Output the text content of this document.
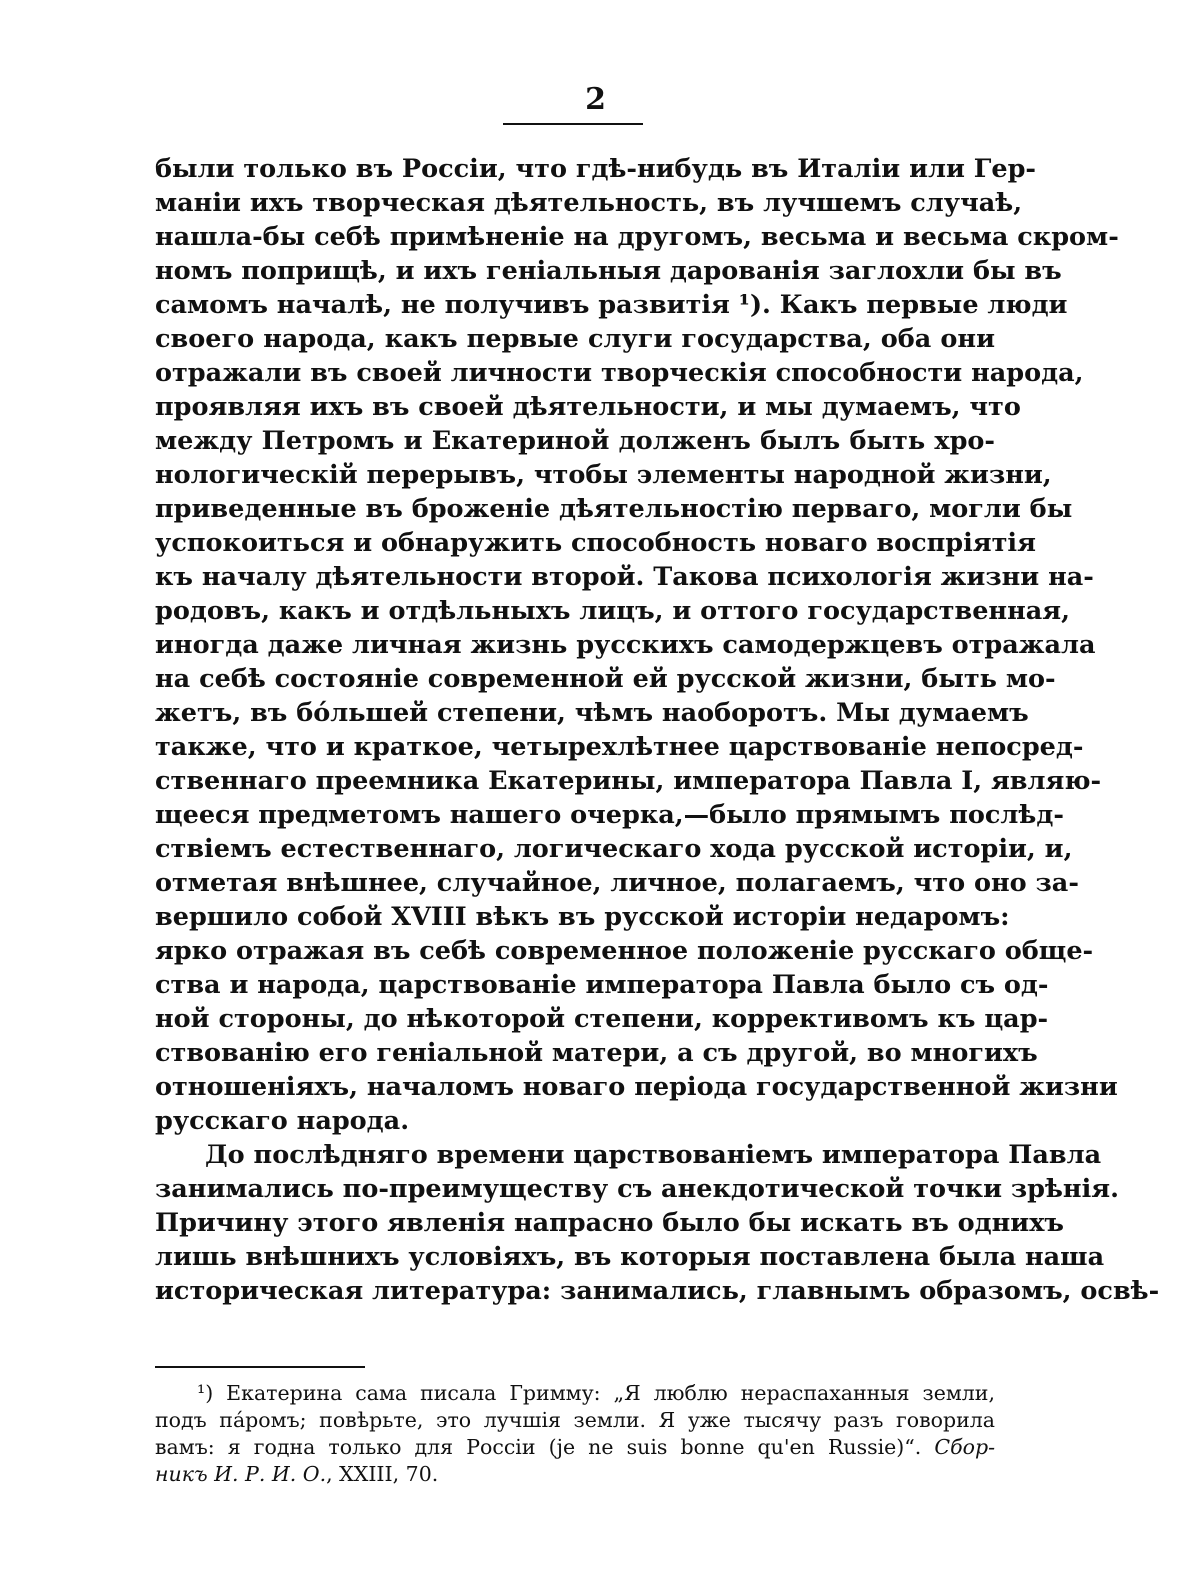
2
были только въ Россіи, что гдѣ-нибудь въ Италіи или Гер-
маніи ихъ творческая дѣятельность, въ лучшемъ случаѣ,
нашла-бы себѣ примѣненіе на другомъ, весьма и весьма скром-
номъ поприщѣ, и ихъ геніальныя дарованія заглохли бы въ
самомъ началѣ, не получивъ развитія ¹). Какъ первые люди
своего народа, какъ первые слуги государства, оба они
отражали въ своей личности творческія способности народа,
проявляя ихъ въ своей дѣятельности, и мы думаемъ, что
между Петромъ и Екатериной долженъ былъ быть хро-
нологическій перерывъ, чтобы элементы народной жизни,
приведенные въ броженіе дѣятельностію перваго, могли бы
успокоиться и обнаружить способность новаго воспріятія
къ началу дѣятельности второй. Такова психологія жизни на-
родовъ, какъ и отдѣльныхъ лицъ, и оттого государственная,
иногда даже личная жизнь русскихъ самодержцевъ отражала
на себѣ состояніе современной ей русской жизни, быть мо-
жетъ, въ бо́льшей степени, чѣмъ наоборотъ. Мы думаемъ
также, что и краткое, четырехлѣтнее царствованіе непосред-
ственнаго преемника Екатерины, императора Павла I, являю-
щееся предметомъ нашего очерка,—было прямымъ послѣд-
ствіемъ естественнаго, логическаго хода русской исторіи, и,
отметая внѣшнее, случайное, личное, полагаемъ, что оно за-
вершило собой XVIII вѣкъ въ русской исторіи недаромъ:
ярко отражая въ себѣ современное положеніе русскаго обще-
ства и народа, царствованіе императора Павла было съ од-
ной стороны, до нѣкоторой степени, коррективомъ къ цар-
ствованію его геніальной матери, а съ другой, во многихъ
отношеніяхъ, началомъ новаго періода государственной жизни
русскаго народа.
До послѣдняго времени царствованіемъ императора Павла
занимались по-преимуществу съ анекдотической точки зрѣнія.
Причину этого явленія напрасно было бы искать въ однихъ
лишь внѣшнихъ условіяхъ, въ которыя поставлена была наша
историческая литература: занимались, главнымъ образомъ, освѣ-
¹) Екатерина сама писала Гримму: „Я люблю нераспаханныя земли,
подъ па́ромъ; повѣрьте, это лучшія земли. Я уже тысячу разъ говорила
вамъ: я годна только для Россіи (je ne suis bonne qu'en Russie)“. Сбор-
никъ И. Р. И. О., XXIII, 70.
